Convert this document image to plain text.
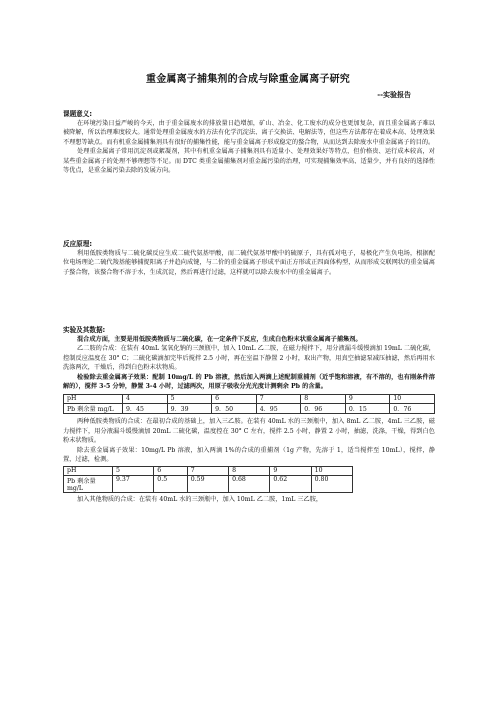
重金属离子捕集剂的合成与除重金属离子研究
--实验报告
课题意义:

在环境污染日益严峻的今天，由于重金属废水的排放量日趋增加，矿山、冶金、化工废水的成分也更加复杂，而且重金属离子难以被降解，所以治理难度较大。通常处理重金属废水的方法有化学沉淀法、离子交换法、电解法等，但这些方法都存在着成本高、处理效果不理想等缺点。而有机重金属捕集剂具有很好的捕集性能，能与重金属离子形成稳定的螯合物，从而达到去除废水中重金属离子的目的。

处理重金属离子常用沉淀剂或絮凝剂，其中有机重金属离子捕集剂具有适量小、处理效果好等特点，但价格贵、运行成本较高，对某些重金属离子的处理不够理想等不足。而 DTC 类重金属捕集剂对重金属污染的治理，可实现捕集效率高、适量少，并有良好的选择性等优点，是重金属污染去除的发展方向。

反应原理:

利用低胺类物质与二硫化碳反应生成二硫代氨基甲酸，而二硫代氨基甲酸中的硫原子，具有孤对电子，易极化产生负电场，根据配位电场理论二硫代羧基能够捕捉阳离子并趋向成键，与二价的重金属离子形成平面正方形或正四面体构型，从而形成交联网状的重金属离子螯合物，该螯合物不溶于水，生成沉淀，然后再进行过滤，这样就可以除去废水中的重金属离子。

实验及其数据:

混合成方面，主要是用低胺类物质与二硫化碳，在一定条件下反应，生成白色粉末状重金属离子捕集剂。

乙二胺的合成：在装有 40mL 氢氧化钠的三颈瓶中，加入 10mL 乙二胺，在磁力搅拌下，用分液漏斗缓慢滴加 19mL 二硫化碳，控制反应温度在 30° C；二硫化碳滴加完毕后搅拌 2.5 小时，再在室温下静置 2 小时，取出产物，用真空抽滤泵减压抽滤，然后再用水洗涤两次，干燥后，得到白色粉末状物质。

检验除去重金属离子效果：配制 10mg/L 的 Pb 溶液，然后加入两滴上述配制重捕剂（近乎饱和溶液，有不溶的，也有刚条件溶解的），搅拌 3-5 分钟，静置 3-4 小时，过滤两次，用原子吸收分光光度计测剩余 Pb 的含量。

pH	4	5	6	7	8	9	10
Pb 剩余量 mg/L	9．45	9．39	9．50	4．95	0．96	0．15	0．76

两种低胺类物质的合成：在最初合成的基础上，加入三乙胺。在装有 40mL 水的三颈瓶中，加入 8mL 乙二胺，4mL 三乙胺，磁力搅拌下，用分液漏斗缓慢滴加 20mL 二硫化碳，温度控在 30° C 左右，搅拌 2.5 小时，静置 2 小时，抽滤，洗涤，干燥，得到白色粉末状物质。

除去重金属离子效果：10mg/L Pb 溶液，加入两滴 1%的合成的重捕剂（1g 产物，先溶于 1，适当搅拌至 10mL），搅拌，静置，过滤，检测。

pH	5	6	7	8	9	10
Pb 剩余量 mg/L	9.37	0.5	0.59	0.68	0.62	0.80

加入其他物质的合成：在装有 40mL 水的三颈瓶中，加入 10mL 乙二胺，1mL 三乙胺，
